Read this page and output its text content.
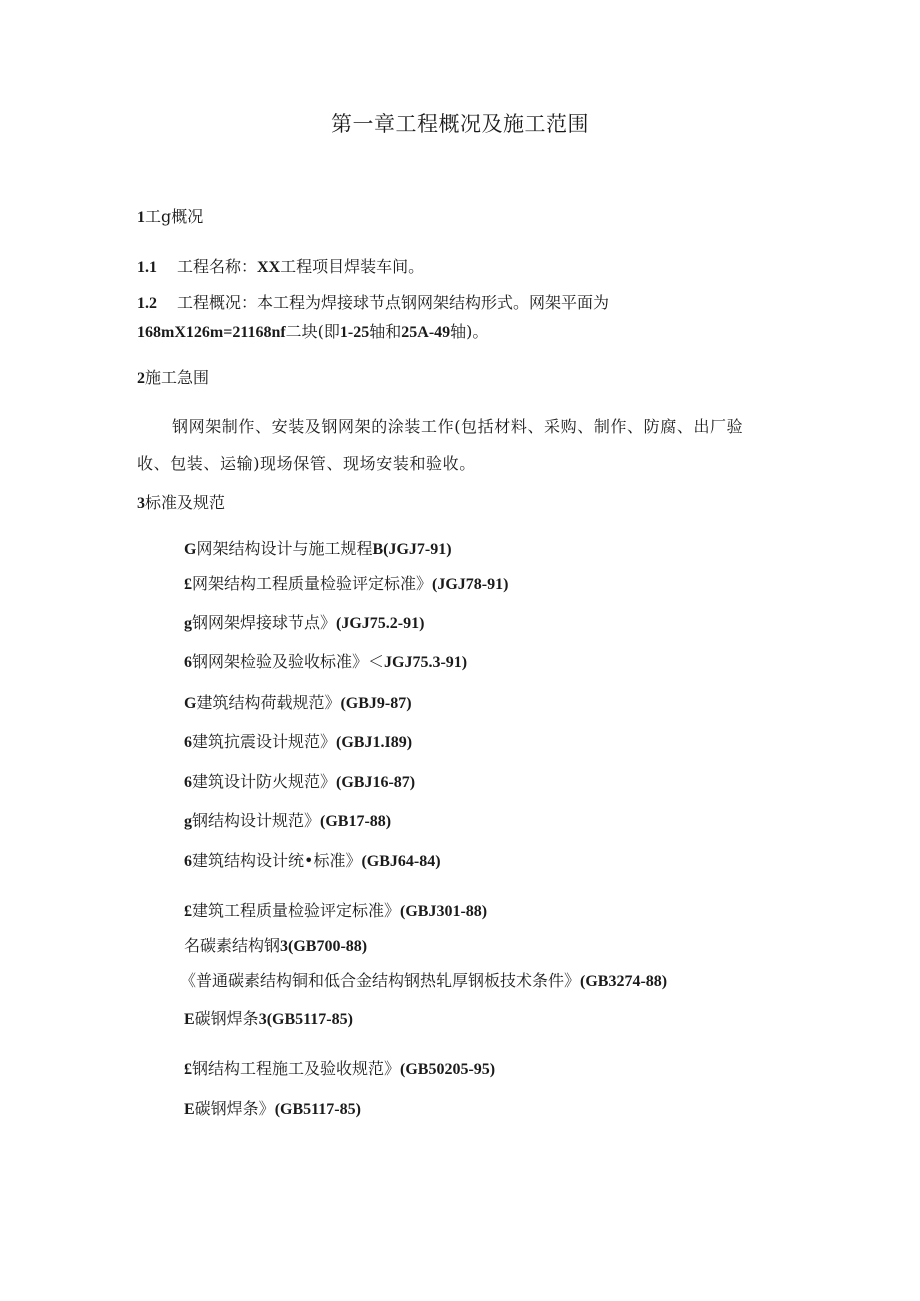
第一章工程概况及施工范围
1工g概况
1.1 工程名称：XX工程项目焊装车间。
1.2 工程概况：本工程为焊接球节点钢网架结构形式。网架平面为
168mX126m=21168nf二块(即1-25轴和25A-49轴)。
2施工急围
钢网架制作、安装及钢网架的涂装工作(包括材料、采购、制作、防腐、出厂验
收、包装、运输)现场保管、现场安装和验收。
3标准及规范
G网架结构设计与施工规程B(JGJ7-91)
£网架结构工程质量检验评定标准》(JGJ78-91)
g钢网架焊接球节点》(JGJ75.2-91)
6钢网架检验及验收标准》＜JGJ75.3-91)
G建筑结构荷载规范》(GBJ9-87)
6建筑抗震设计规范》(GBJ1.I89)
6建筑设计防火规范》(GBJ16-87)
g钢结构设计规范》(GB17-88)
6建筑结构设计统•标准》(GBJ64-84)
£建筑工程质量检验评定标准》(GBJ301-88)
名碳素结构钢3(GB700-88)
《普通碳素结构铜和低合金结构钢热轧厚钢板技术条件》(GB3274-88)
E碳钢焊条3(GB5117-85)
£钢结构工程施工及验收规范》(GB50205-95)
E碳钢焊条》(GB5117-85)
